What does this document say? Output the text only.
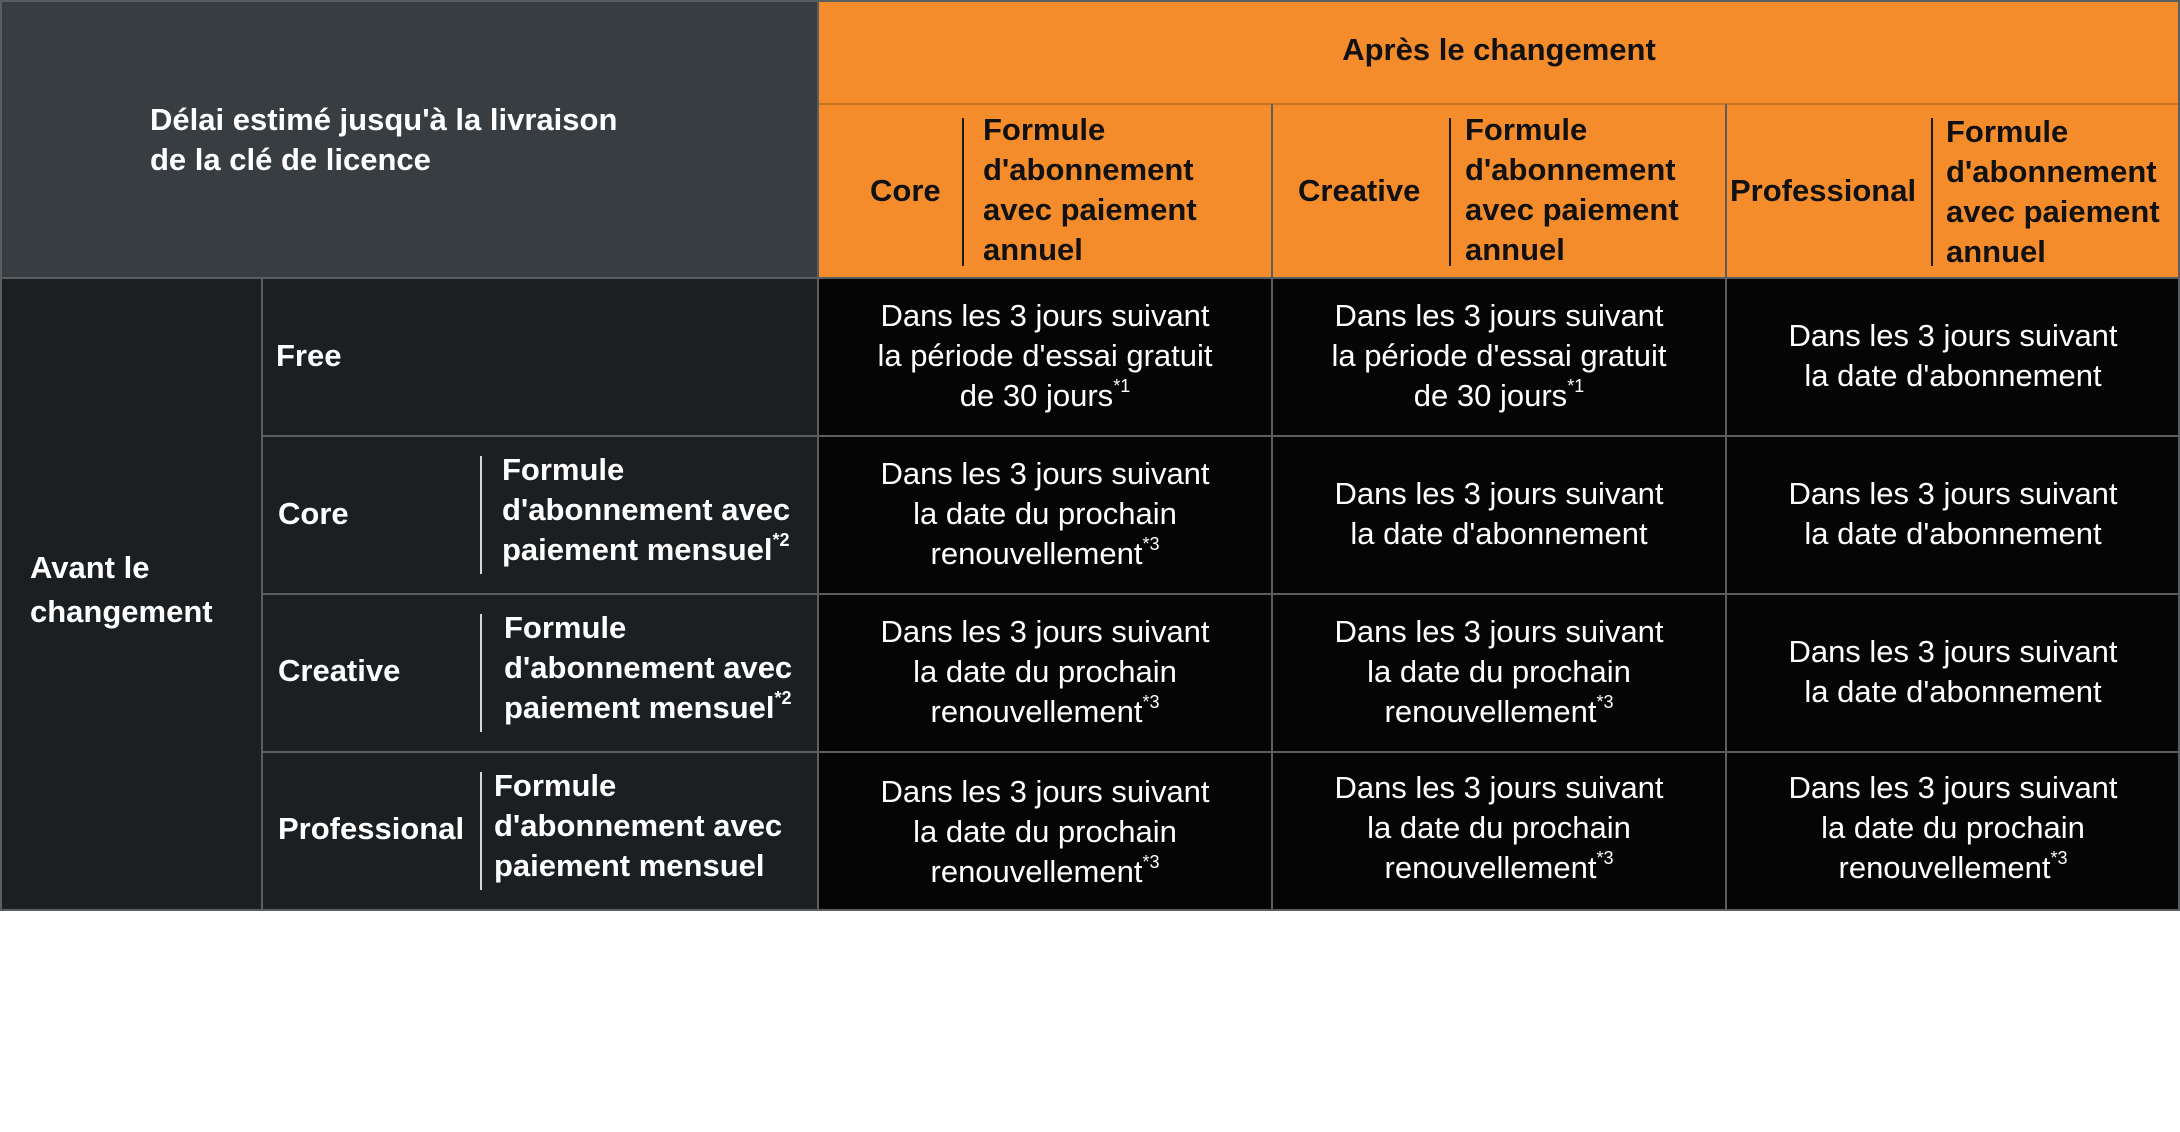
Délai estimé jusqu'à la livraison
de la clé de licence
Après le changement
Core
Formule
d'abonnement
avec paiement
annuel
Creative
Formule
d'abonnement
avec paiement
annuel
Professional
Formule
d'abonnement
avec paiement
annuel
Avant le
changement
Free
Dans les 3 jours suivant
la période d'essai gratuit
de 30 jours$^{*1}$
Dans les 3 jours suivant
la période d'essai gratuit
de 30 jours$^{*1}$
Dans les 3 jours suivant
la date d'abonnement
Core
Formule
d'abonnement avec
paiement mensuel$^{*2}$
Dans les 3 jours suivant
la date du prochain
renouvellement$^{*3}$
Dans les 3 jours suivant
la date d'abonnement
Dans les 3 jours suivant
la date d'abonnement
Creative
Formule
d'abonnement avec
paiement mensuel$^{*2}$
Dans les 3 jours suivant
la date du prochain
renouvellement$^{*3}$
Dans les 3 jours suivant
la date du prochain
renouvellement$^{*3}$
Dans les 3 jours suivant
la date d'abonnement
Professional
Formule
d'abonnement avec
paiement mensuel
Dans les 3 jours suivant
la date du prochain
renouvellement$^{*3}$
Dans les 3 jours suivant
la date du prochain
renouvellement$^{*3}$
Dans les 3 jours suivant
la date du prochain
renouvellement$^{*3}$
